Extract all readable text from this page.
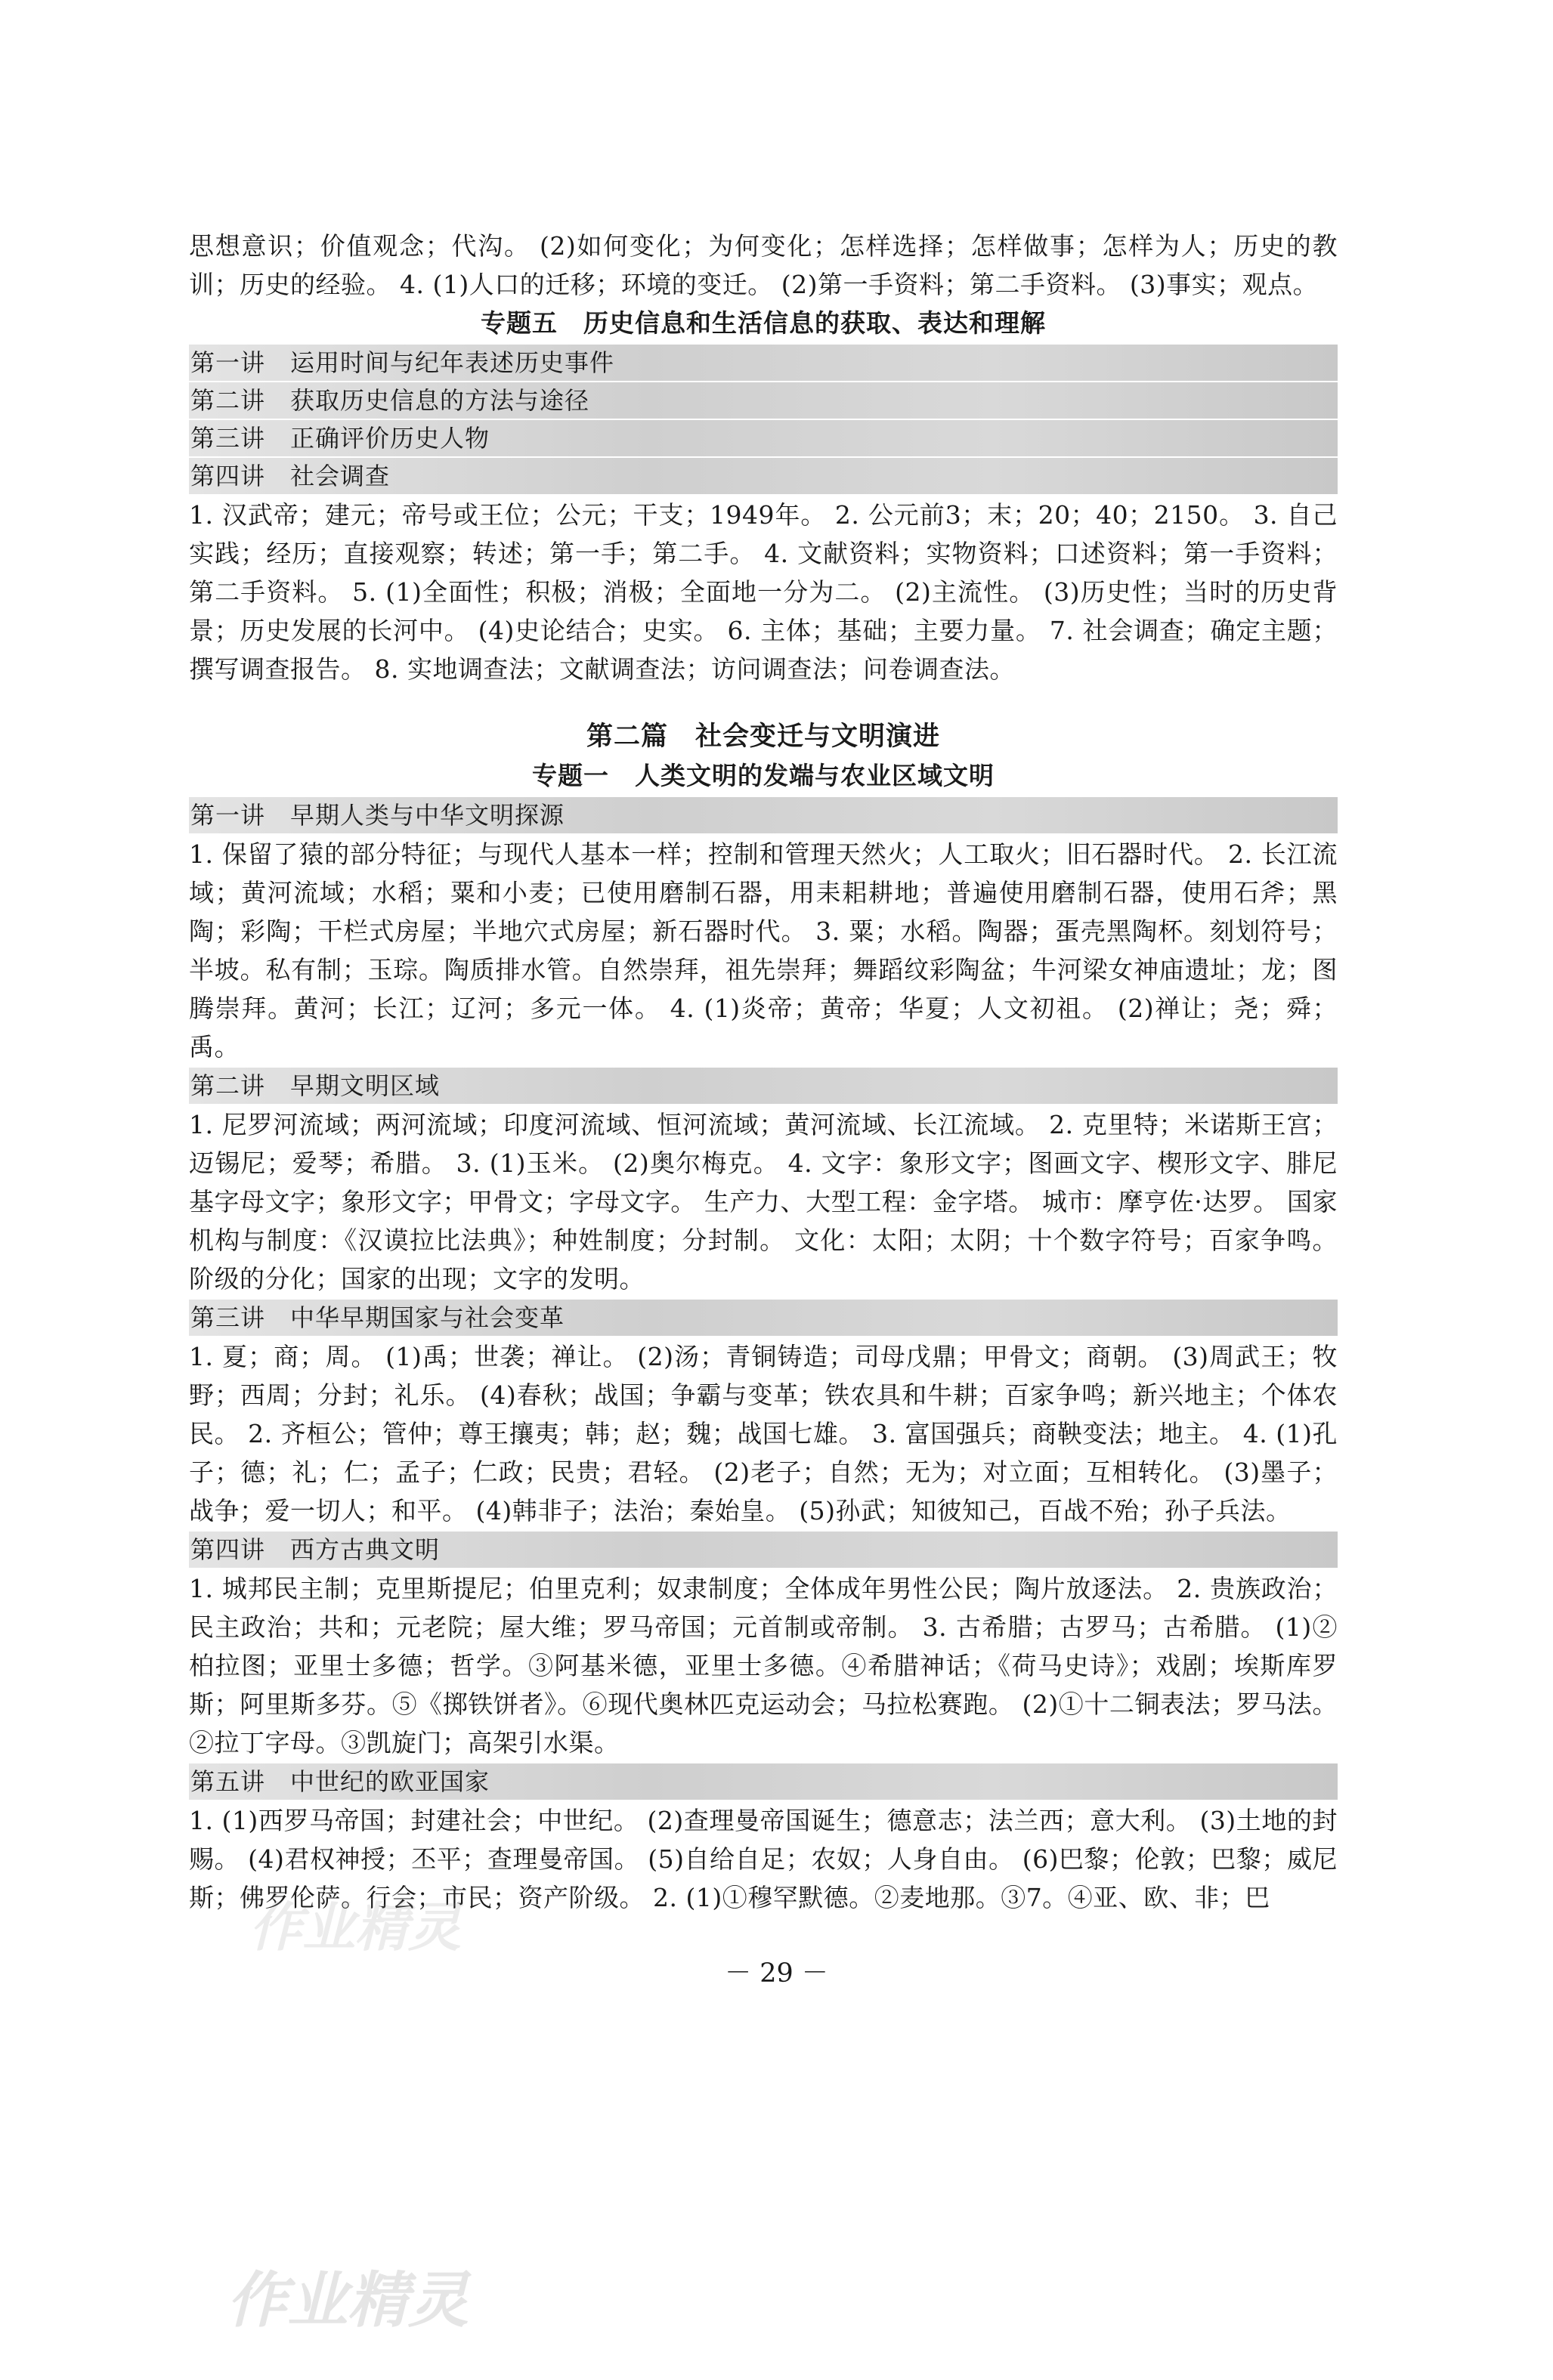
思想意识；价值观念；代沟。 (2)如何变化；为何变化；怎样选择；怎样做事；怎样为人；历史的教训；历史的经验。 4. (1)人口的迁移；环境的变迁。 (2)第一手资料；第二手资料。 (3)事实；观点。

专题五　历史信息和生活信息的获取、表达和理解
第一讲　运用时间与纪年表述历史事件
第二讲　获取历史信息的方法与途径
第三讲　正确评价历史人物
第四讲　社会调查

1. 汉武帝；建元；帝号或王位；公元；干支；1949年。 2. 公元前3；末；20；40；2150。 3. 自己实践；经历；直接观察；转述；第一手；第二手。 4. 文献资料；实物资料；口述资料；第一手资料；第二手资料。 5. (1)全面性；积极；消极；全面地一分为二。 (2)主流性。 (3)历史性；当时的历史背景；历史发展的长河中。 (4)史论结合；史实。 6. 主体；基础；主要力量。 7. 社会调查；确定主题；撰写调查报告。 8. 实地调查法；文献调查法；访问调查法；问卷调查法。

第二篇　社会变迁与文明演进
专题一　人类文明的发端与农业区域文明
第一讲　早期人类与中华文明探源

1. 保留了猿的部分特征；与现代人基本一样；控制和管理天然火；人工取火；旧石器时代。 2. 长江流域；黄河流域；水稻；粟和小麦；已使用磨制石器，用耒耜耕地；普遍使用磨制石器，使用石斧；黑陶；彩陶；干栏式房屋；半地穴式房屋；新石器时代。 3. 粟；水稻。陶器；蛋壳黑陶杯。刻划符号；半坡。私有制；玉琮。陶质排水管。自然崇拜，祖先崇拜；舞蹈纹彩陶盆；牛河梁女神庙遗址；龙；图腾崇拜。黄河；长江；辽河；多元一体。 4. (1)炎帝；黄帝；华夏；人文初祖。 (2)禅让；尧；舜；禹。

第二讲　早期文明区域

1. 尼罗河流域；两河流域；印度河流域、恒河流域；黄河流域、长江流域。 2. 克里特；米诺斯王宫；迈锡尼；爱琴；希腊。 3. (1)玉米。 (2)奥尔梅克。 4. 文字：象形文字；图画文字、楔形文字、腓尼基字母文字；象形文字；甲骨文；字母文字。 生产力、大型工程：金字塔。 城市：摩亨佐·达罗。 国家机构与制度：《汉谟拉比法典》；种姓制度；分封制。 文化：太阳；太阴；十个数字符号；百家争鸣。 阶级的分化；国家的出现；文字的发明。

第三讲　中华早期国家与社会变革

1. 夏；商；周。 (1)禹；世袭；禅让。 (2)汤；青铜铸造；司母戊鼎；甲骨文；商朝。 (3)周武王；牧野；西周；分封；礼乐。 (4)春秋；战国；争霸与变革；铁农具和牛耕；百家争鸣；新兴地主；个体农民。 2. 齐桓公；管仲；尊王攘夷；韩；赵；魏；战国七雄。 3. 富国强兵；商鞅变法；地主。 4. (1)孔子；德；礼；仁；孟子；仁政；民贵；君轻。 (2)老子；自然；无为；对立面；互相转化。 (3)墨子；战争；爱一切人；和平。 (4)韩非子；法治；秦始皇。 (5)孙武；知彼知己，百战不殆；孙子兵法。

第四讲　西方古典文明

1. 城邦民主制；克里斯提尼；伯里克利；奴隶制度；全体成年男性公民；陶片放逐法。 2. 贵族政治；民主政治；共和；元老院；屋大维；罗马帝国；元首制或帝制。 3. 古希腊；古罗马；古希腊。 (1)②柏拉图；亚里士多德；哲学。③阿基米德，亚里士多德。④希腊神话；《荷马史诗》；戏剧；埃斯库罗斯；阿里斯多芬。⑤《掷铁饼者》。⑥现代奥林匹克运动会；马拉松赛跑。 (2)①十二铜表法；罗马法。②拉丁字母。③凯旋门；高架引水渠。

第五讲　中世纪的欧亚国家

1. (1)西罗马帝国；封建社会；中世纪。 (2)查理曼帝国诞生；德意志；法兰西；意大利。 (3)土地的封赐。 (4)君权神授；丕平；查理曼帝国。 (5)自给自足；农奴；人身自由。 (6)巴黎；伦敦；巴黎；威尼斯；佛罗伦萨。行会；市民；资产阶级。 2. (1)①穆罕默德。②麦地那。③7。④亚、欧、非；巴

作业精灵
－ 29 －
作业精灵
